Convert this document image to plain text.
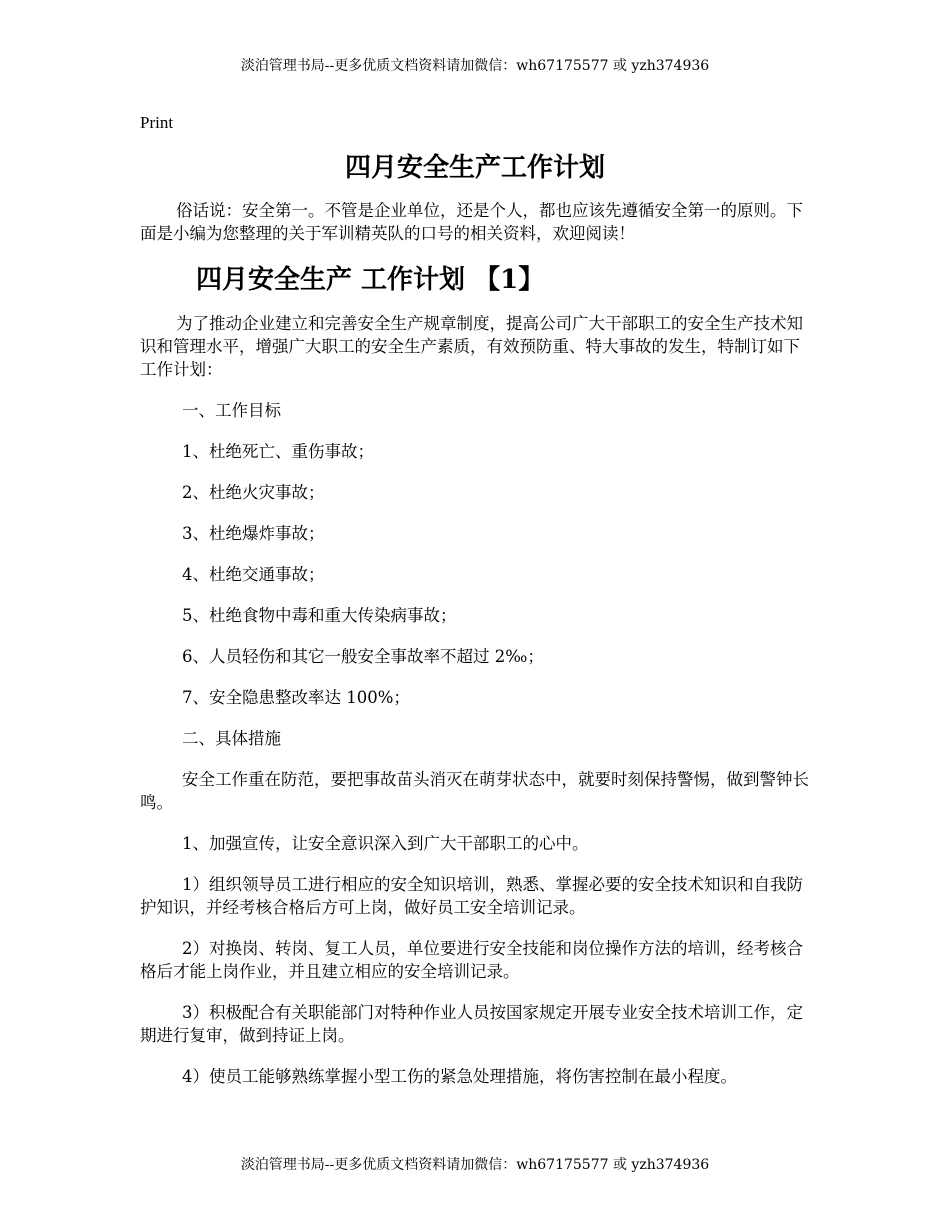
淡泊管理书局--更多优质文档资料请加微信：wh67175577 或 yzh374936
Print
四月安全生产工作计划

俗话说：安全第一。不管是企业单位，还是个人，都也应该先遵循安全第一的原则。下面是小编为您整理的关于军训精英队的口号的相关资料，欢迎阅读！

四月安全生产 工作计划 【1】

为了推动企业建立和完善安全生产规章制度，提高公司广大干部职工的安全生产技术知识和管理水平，增强广大职工的安全生产素质，有效预防重、特大事故的发生，特制订如下工作计划：

一、工作目标

1、杜绝死亡、重伤事故；

2、杜绝火灾事故；

3、杜绝爆炸事故；

4、杜绝交通事故；

5、杜绝食物中毒和重大传染病事故；

6、人员轻伤和其它一般安全事故率不超过 2‰；

7、安全隐患整改率达 100%；

二、具体措施

安全工作重在防范，要把事故苗头消灭在萌芽状态中，就要时刻保持警惕，做到警钟长鸣。

1、加强宣传，让安全意识深入到广大干部职工的心中。

1）组织领导员工进行相应的安全知识培训，熟悉、掌握必要的安全技术知识和自我防护知识，并经考核合格后方可上岗，做好员工安全培训记录。

2）对换岗、转岗、复工人员，单位要进行安全技能和岗位操作方法的培训，经考核合格后才能上岗作业，并且建立相应的安全培训记录。

3）积极配合有关职能部门对特种作业人员按国家规定开展专业安全技术培训工作，定期进行复审，做到持证上岗。

4）使员工能够熟练掌握小型工伤的紧急处理措施，将伤害控制在最小程度。

淡泊管理书局--更多优质文档资料请加微信：wh67175577 或 yzh374936
